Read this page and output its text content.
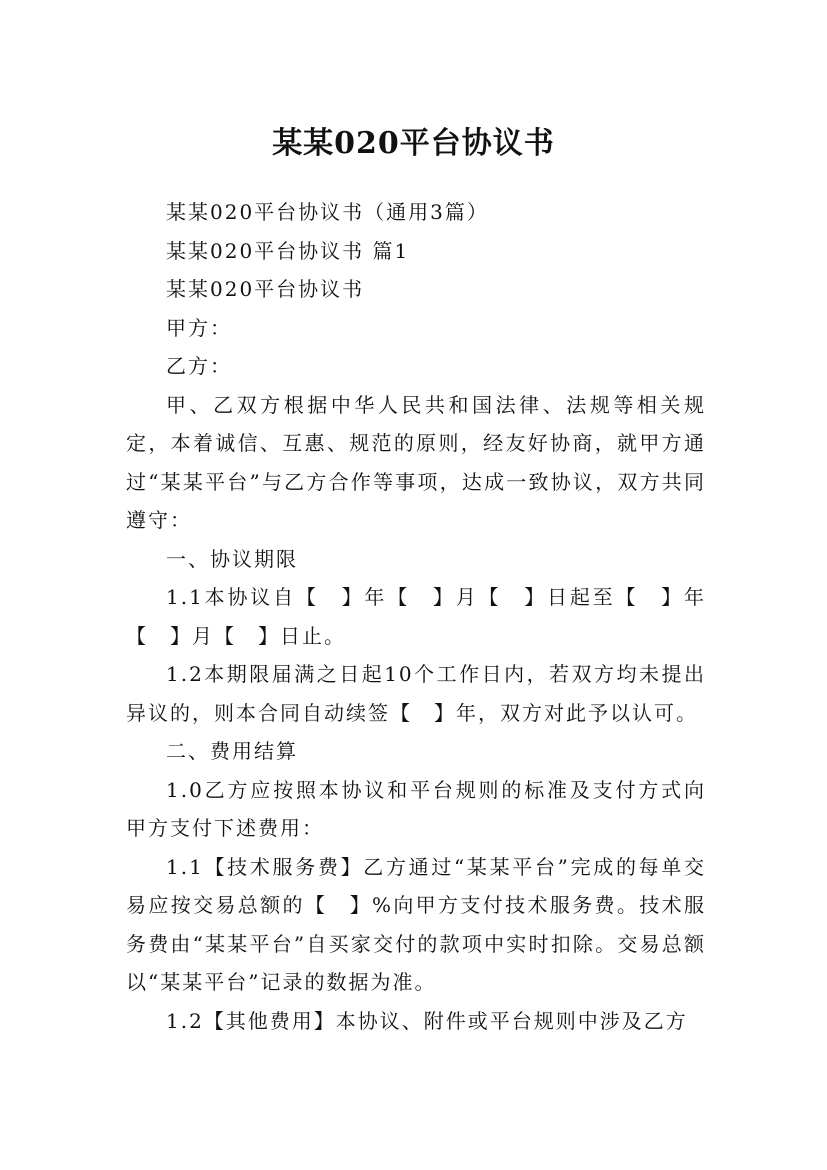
某某020平台协议书

某某020平台协议书（通用3篇）

某某020平台协议书 篇1

某某020平台协议书

甲方：

乙方：

甲、乙双方根据中华人民共和国法律、法规等相关规定，本着诚信、互惠、规范的原则，经友好协商，就甲方通过“某某平台”与乙方合作等事项，达成一致协议，双方共同遵守：

一、协议期限

1.1本协议自【　】年【　】月【　】日起至【　】年【　】月【　】日止。

1.2本期限届满之日起10个工作日内，若双方均未提出异议的，则本合同自动续签【　】年，双方对此予以认可。

二、费用结算

1.0乙方应按照本协议和平台规则的标准及支付方式向甲方支付下述费用：

1.1【技术服务费】乙方通过“某某平台”完成的每单交易应按交易总额的【　】%向甲方支付技术服务费。技术服务费由“某某平台”自买家交付的款项中实时扣除。交易总额以“某某平台”记录的数据为准。

1.2【其他费用】本协议、附件或平台规则中涉及乙方
